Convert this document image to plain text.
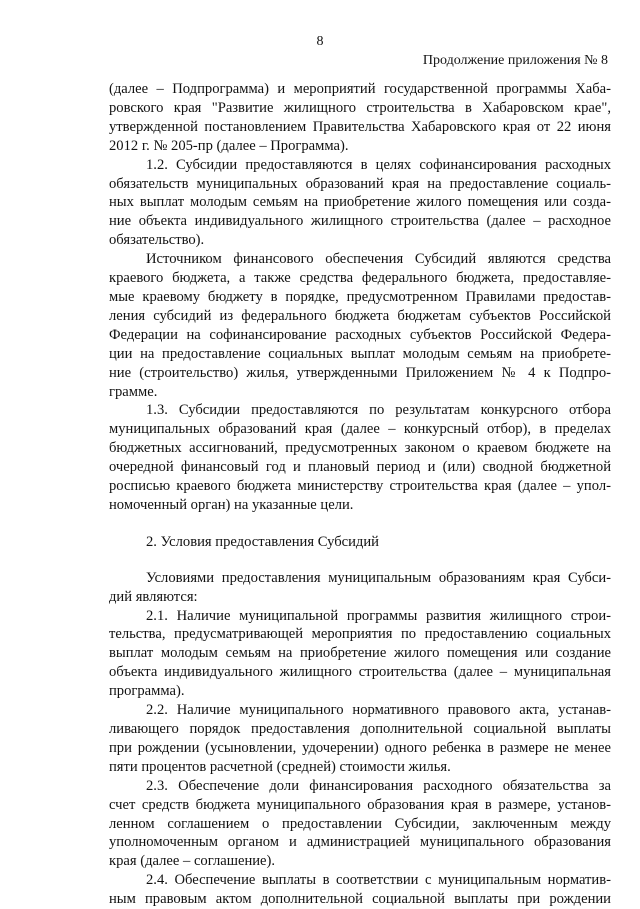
8
Продолжение приложения № 8

(далее – Подпрограмма) и мероприятий государственной программы Хаба-
ровского края "Развитие жилищного строительства в Хабаровском крае",
утвержденной постановлением Правительства Хабаровского края от 22 июня
2012 г. № 205-пр (далее – Программа).

1.2. Субсидии предоставляются в целях софинансирования расходных
обязательств муниципальных образований края на предоставление социаль-
ных выплат молодым семьям на приобретение жилого помещения или созда-
ние объекта индивидуального жилищного строительства (далее – расходное
обязательство).

Источником финансового обеспечения Субсидий являются средства
краевого бюджета, а также средства федерального бюджета, предоставляе-
мые краевому бюджету в порядке, предусмотренном Правилами предостав-
ления субсидий из федерального бюджета бюджетам субъектов Российской
Федерации на софинансирование расходных субъектов Российской Федера-
ции на предоставление социальных выплат молодым семьям на приобрете-
ние (строительство) жилья, утвержденными Приложением № 4 к Подпро-
грамме.

1.3. Субсидии предоставляются по результатам конкурсного отбора
муниципальных образований края (далее – конкурсный отбор), в пределах
бюджетных ассигнований, предусмотренных законом о краевом бюджете на
очередной финансовый год и плановый период и (или) сводной бюджетной
росписью краевого бюджета министерству строительства края (далее – упол-
номоченный орган) на указанные цели.

2. Условия предоставления Субсидий

Условиями предоставления муниципальным образованиям края Субси-
дий являются:

2.1. Наличие муниципальной программы развития жилищного строи-
тельства, предусматривающей мероприятия по предоставлению социальных
выплат молодым семьям на приобретение жилого помещения или создание
объекта индивидуального жилищного строительства (далее – муниципальная
программа).

2.2. Наличие муниципального нормативного правового акта, устанав-
ливающего порядок предоставления дополнительной социальной выплаты
при рождении (усыновлении, удочерении) одного ребенка в размере не менее
пяти процентов расчетной (средней) стоимости жилья.

2.3. Обеспечение доли финансирования расходного обязательства за
счет средств бюджета муниципального образования края в размере, установ-
ленном соглашением о предоставлении Субсидии, заключенным между
уполномоченным органом и администрацией муниципального образования
края (далее – соглашение).

2.4. Обеспечение выплаты в соответствии с муниципальным норматив-
ным правовым актом дополнительной социальной выплаты при рождении
